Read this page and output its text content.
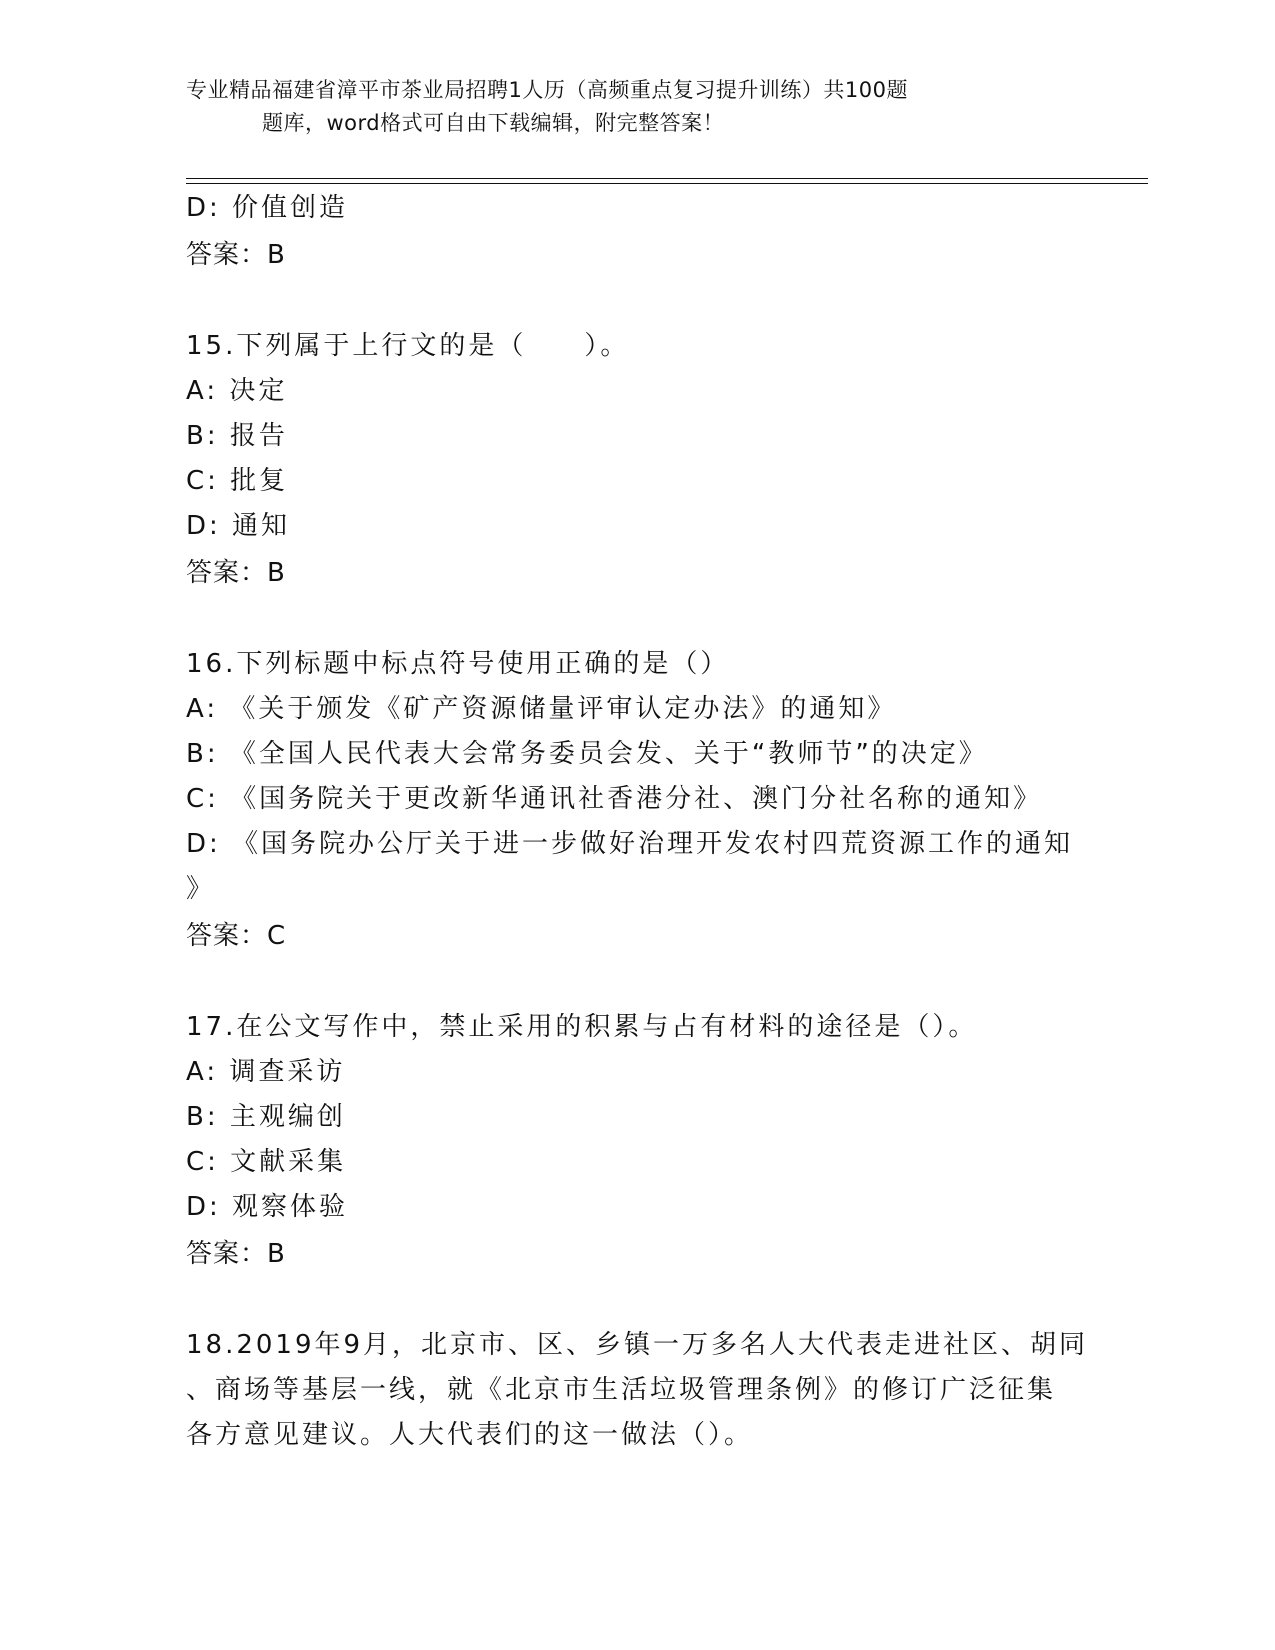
专业精品福建省漳平市茶业局招聘1人历（高频重点复习提升训练）共100题
题库，word格式可自由下载编辑，附完整答案！
D: 价值创造
答案：B
15.下列属于上行文的是（　　）。
A: 决定
B: 报告
C: 批复
D: 通知
答案：B
16.下列标题中标点符号使用正确的是（）
A: 《关于颁发《矿产资源储量评审认定办法》的通知》
B: 《全国人民代表大会常务委员会发、关于“教师节”的决定》
C: 《国务院关于更改新华通讯社香港分社、澳门分社名称的通知》
D: 《国务院办公厅关于进一步做好治理开发农村四荒资源工作的通知
》
答案：C
17.在公文写作中，禁止采用的积累与占有材料的途径是（）。
A: 调查采访
B: 主观编创
C: 文献采集
D: 观察体验
答案：B
18.2019年9月，北京市、区、乡镇一万多名人大代表走进社区、胡同
、商场等基层一线，就《北京市生活垃圾管理条例》的修订广泛征集
各方意见建议。人大代表们的这一做法（）。
